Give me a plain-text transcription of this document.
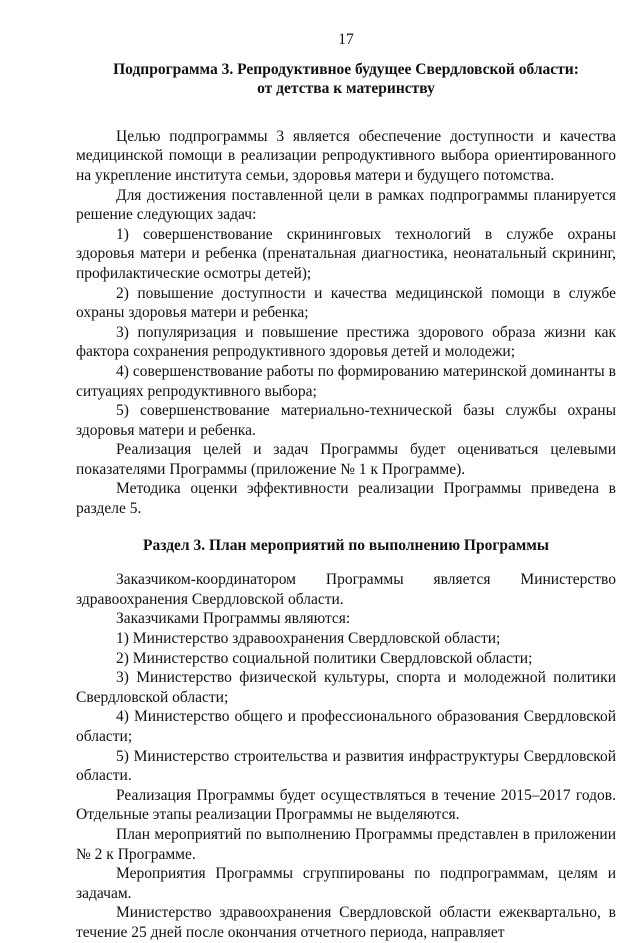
17
Подпрограмма 3. Репродуктивное будущее Свердловской области:
от детства к материнству

Целью подпрограммы 3 является обеспечение доступности и качества медицинской помощи в реализации репродуктивного выбора ориентированного на укрепление института семьи, здоровья матери и будущего потомства.

Для достижения поставленной цели в рамках подпрограммы планируется решение следующих задач:

1) совершенствование скрининговых технологий в службе охраны здоровья матери и ребенка (пренатальная диагностика, неонатальный скрининг, профилактические осмотры детей);

2) повышение доступности и качества медицинской помощи в службе охраны здоровья матери и ребенка;

3) популяризация и повышение престижа здорового образа жизни как фактора сохранения репродуктивного здоровья детей и молодежи;

4) совершенствование работы по формированию материнской доминанты в ситуациях репродуктивного выбора;

5) совершенствование материально-технической базы службы охраны здоровья матери и ребенка.

Реализация целей и задач Программы будет оцениваться целевыми показателями Программы (приложение № 1 к Программе).

Методика оценки эффективности реализации Программы приведена в разделе 5.

Раздел 3. План мероприятий по выполнению Программы

Заказчиком-координатором Программы является Министерство здравоохранения Свердловской области.

Заказчиками Программы являются:

1) Министерство здравоохранения Свердловской области;

2) Министерство социальной политики Свердловской области;

3) Министерство физической культуры, спорта и молодежной политики Свердловской области;

4) Министерство общего и профессионального образования Свердловской области;

5) Министерство строительства и развития инфраструктуры Свердловской области.

Реализация Программы будет осуществляться в течение 2015–2017 годов. Отдельные этапы реализации Программы не выделяются.

План мероприятий по выполнению Программы представлен в приложении № 2 к Программе.

Мероприятия Программы сгруппированы по подпрограммам, целям и задачам.

Министерство здравоохранения Свердловской области ежеквартально, в течение 25 дней после окончания отчетного периода, направляет
